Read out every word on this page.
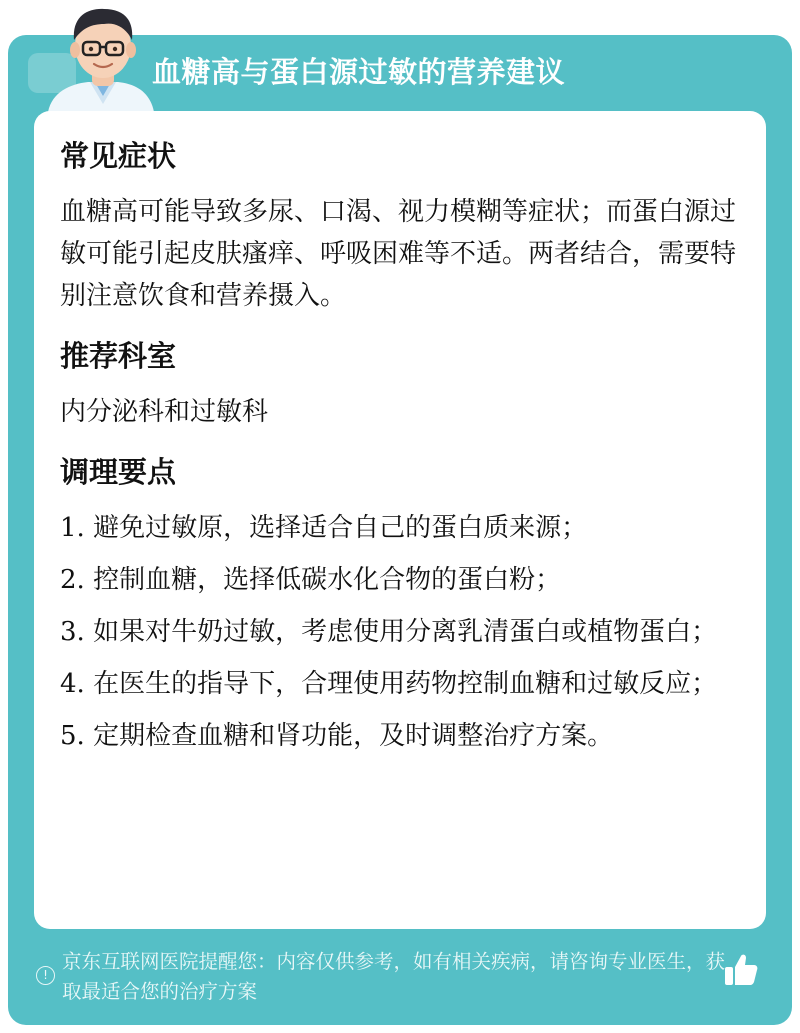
血糖高与蛋白源过敏的营养建议
常见症状
血糖高可能导致多尿、口渴、视力模糊等症状；而蛋白源过敏可能引起皮肤瘙痒、呼吸困难等不适。两者结合，需要特别注意饮食和营养摄入。
推荐科室
内分泌科和过敏科
调理要点
1. 避免过敏原，选择适合自己的蛋白质来源；
2. 控制血糖，选择低碳水化合物的蛋白粉；
3. 如果对牛奶过敏，考虑使用分离乳清蛋白或植物蛋白；
4. 在医生的指导下，合理使用药物控制血糖和过敏反应；
5. 定期检查血糖和肾功能，及时调整治疗方案。
!
京东互联网医院提醒您：内容仅供参考，如有相关疾病，请咨询专业医生，获取最适合您的治疗方案
